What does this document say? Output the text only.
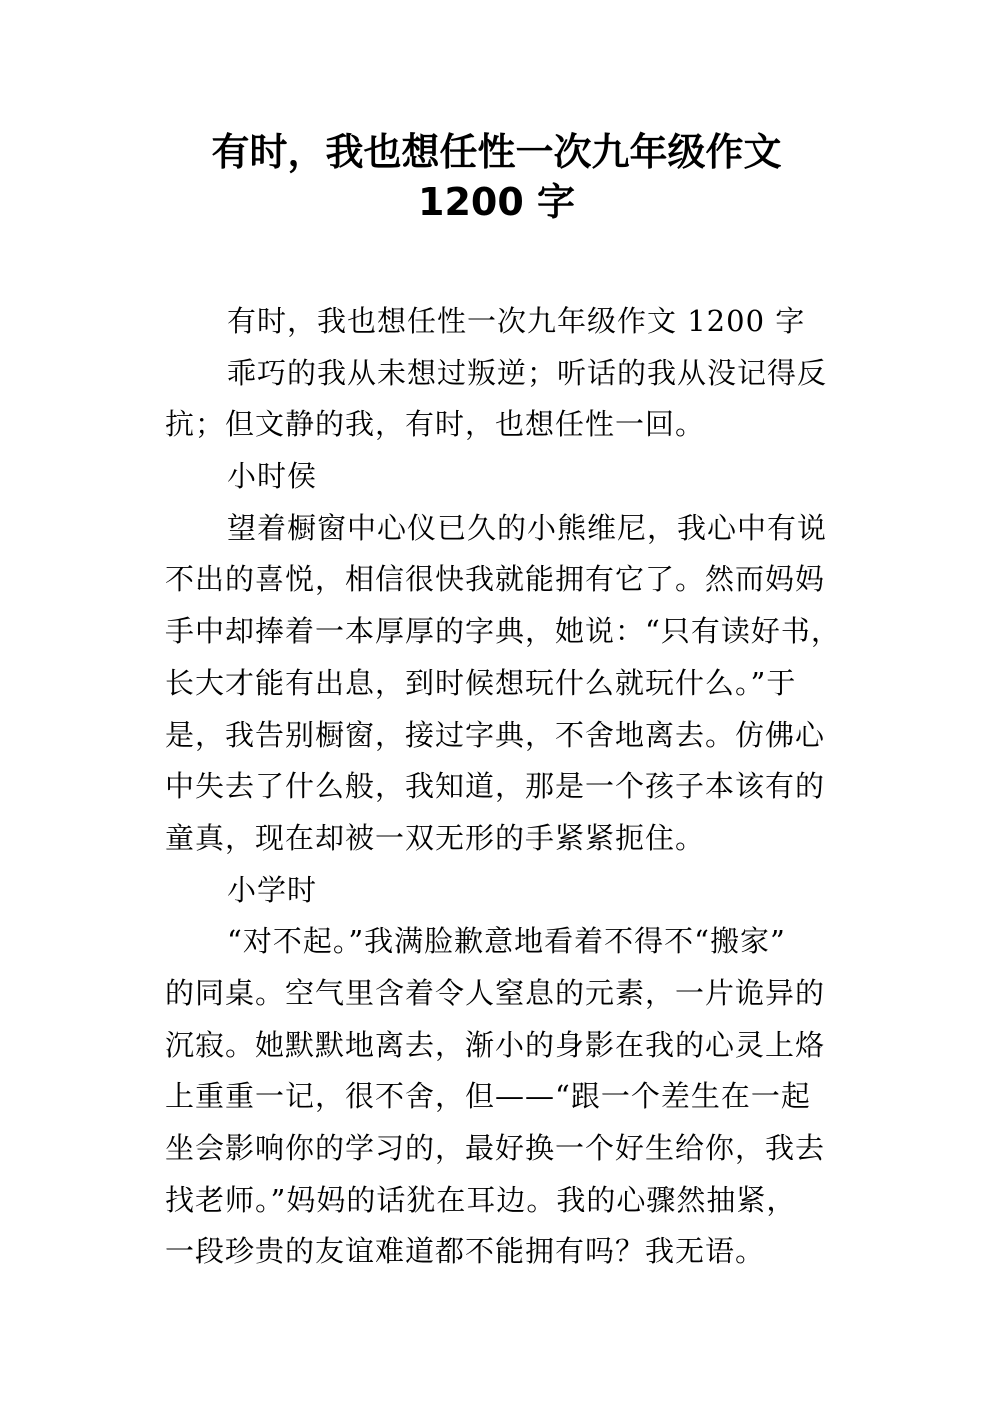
有时，我也想任性一次九年级作文
1200 字
有时，我也想任性一次九年级作文 1200 字
乖巧的我从未想过叛逆；听话的我从没记得反
抗；但文静的我，有时，也想任性一回。
小时侯
望着橱窗中心仪已久的小熊维尼，我心中有说
不出的喜悦，相信很快我就能拥有它了。然而妈妈
手中却捧着一本厚厚的字典，她说：“只有读好书，
长大才能有出息，到时候想玩什么就玩什么。”于
是，我告别橱窗，接过字典，不舍地离去。仿佛心
中失去了什么般，我知道，那是一个孩子本该有的
童真，现在却被一双无形的手紧紧扼住。
小学时
“对不起。”我满脸歉意地看着不得不“搬家”
的同桌。空气里含着令人窒息的元素，一片诡异的
沉寂。她默默地离去，渐小的身影在我的心灵上烙
上重重一记，很不舍，但——“跟一个差生在一起
坐会影响你的学习的，最好换一个好生给你，我去
找老师。”妈妈的话犹在耳边。我的心骤然抽紧，
一段珍贵的友谊难道都不能拥有吗？我无语。
